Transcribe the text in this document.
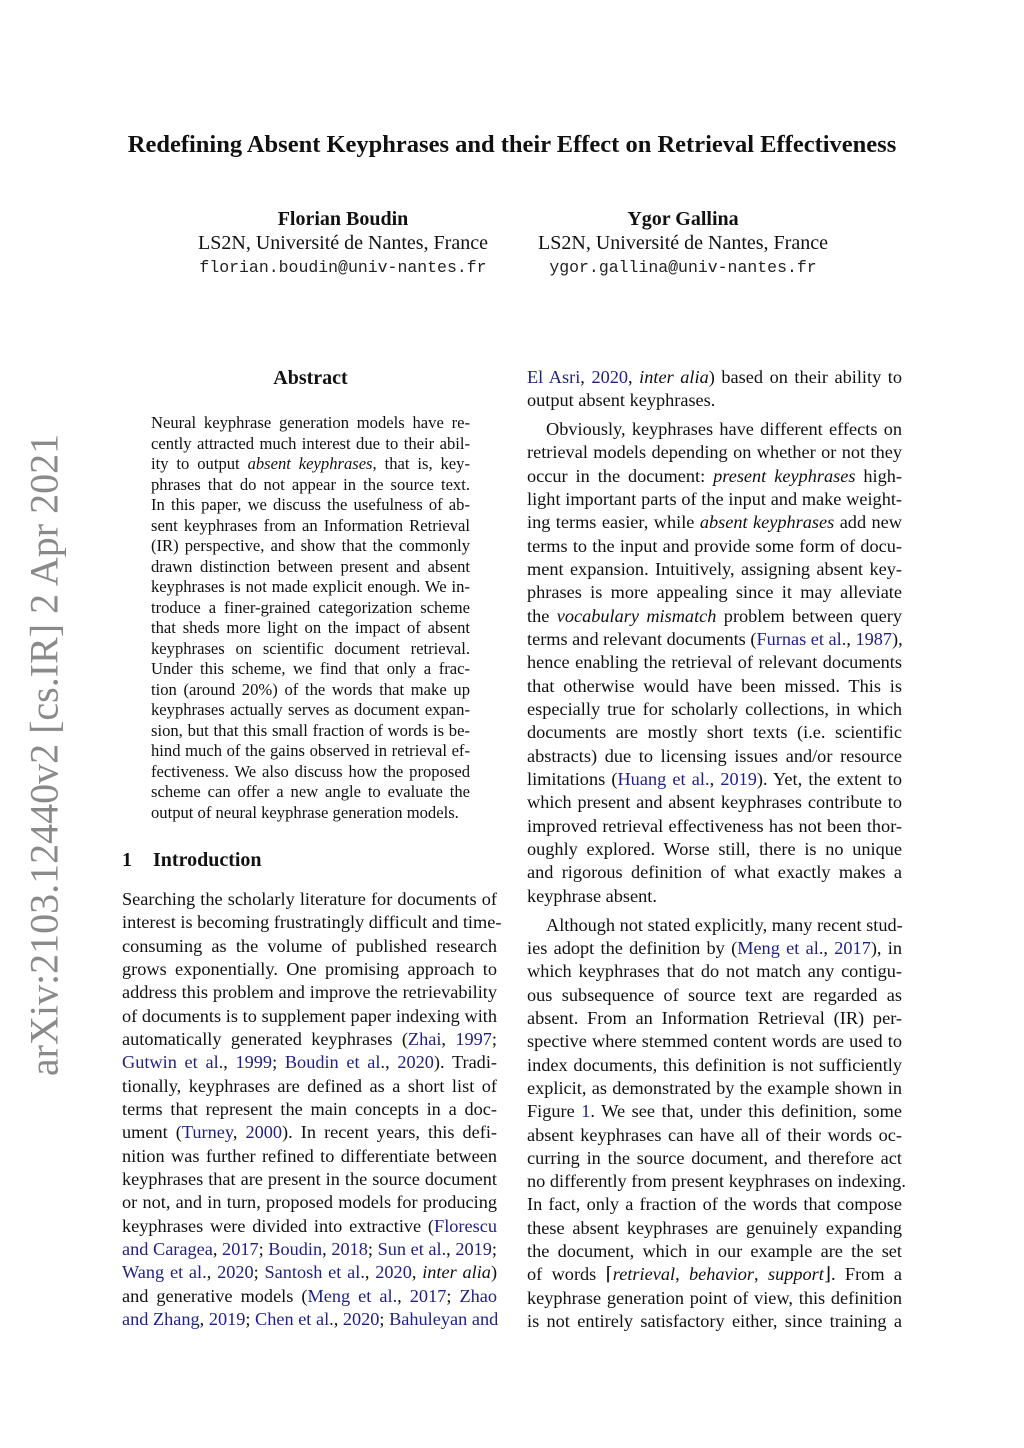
arXiv:2103.12440v2 [cs.IR] 2 Apr 2021
Redefining Absent Keyphrases and their Effect on Retrieval Effectiveness
Florian Boudin
LS2N, Université de Nantes, France
florian.boudin@univ-nantes.fr
Ygor Gallina
LS2N, Université de Nantes, France
ygor.gallina@univ-nantes.fr
Abstract
Neural keyphrase generation models have re-
cently attracted much interest due to their abil-
ity to output absent keyphrases, that is, key-
phrases that do not appear in the source text.
In this paper, we discuss the usefulness of ab-
sent keyphrases from an Information Retrieval
(IR) perspective, and show that the commonly
drawn distinction between present and absent
keyphrases is not made explicit enough. We in-
troduce a finer-grained categorization scheme
that sheds more light on the impact of absent
keyphrases on scientific document retrieval.
Under this scheme, we find that only a frac-
tion (around 20%) of the words that make up
keyphrases actually serves as document expan-
sion, but that this small fraction of words is be-
hind much of the gains observed in retrieval ef-
fectiveness. We also discuss how the proposed
scheme can offer a new angle to evaluate the
output of neural keyphrase generation models.
1 Introduction
Searching the scholarly literature for documents of
interest is becoming frustratingly difficult and time-
consuming as the volume of published research
grows exponentially. One promising approach to
address this problem and improve the retrievability
of documents is to supplement paper indexing with
automatically generated keyphrases (Zhai, 1997;
Gutwin et al., 1999; Boudin et al., 2020). Tradi-
tionally, keyphrases are defined as a short list of
terms that represent the main concepts in a doc-
ument (Turney, 2000). In recent years, this defi-
nition was further refined to differentiate between
keyphrases that are present in the source document
or not, and in turn, proposed models for producing
keyphrases were divided into extractive (Florescu
and Caragea, 2017; Boudin, 2018; Sun et al., 2019;
Wang et al., 2020; Santosh et al., 2020, inter alia)
and generative models (Meng et al., 2017; Zhao
and Zhang, 2019; Chen et al., 2020; Bahuleyan and
El Asri, 2020, inter alia) based on their ability to
output absent keyphrases.
Obviously, keyphrases have different effects on
retrieval models depending on whether or not they
occur in the document: present keyphrases high-
light important parts of the input and make weight-
ing terms easier, while absent keyphrases add new
terms to the input and provide some form of docu-
ment expansion. Intuitively, assigning absent key-
phrases is more appealing since it may alleviate
the vocabulary mismatch problem between query
terms and relevant documents (Furnas et al., 1987),
hence enabling the retrieval of relevant documents
that otherwise would have been missed. This is
especially true for scholarly collections, in which
documents are mostly short texts (i.e. scientific
abstracts) due to licensing issues and/or resource
limitations (Huang et al., 2019). Yet, the extent to
which present and absent keyphrases contribute to
improved retrieval effectiveness has not been thor-
oughly explored. Worse still, there is no unique
and rigorous definition of what exactly makes a
keyphrase absent.
Although not stated explicitly, many recent stud-
ies adopt the definition by (Meng et al., 2017), in
which keyphrases that do not match any contigu-
ous subsequence of source text are regarded as
absent. From an Information Retrieval (IR) per-
spective where stemmed content words are used to
index documents, this definition is not sufficiently
explicit, as demonstrated by the example shown in
Figure 1. We see that, under this definition, some
absent keyphrases can have all of their words oc-
curring in the source document, and therefore act
no differently from present keyphrases on indexing.
In fact, only a fraction of the words that compose
these absent keyphrases are genuinely expanding
the document, which in our example are the set
of words ⌈retrieval, behavior, support⌋. From a
keyphrase generation point of view, this definition
is not entirely satisfactory either, since training a
